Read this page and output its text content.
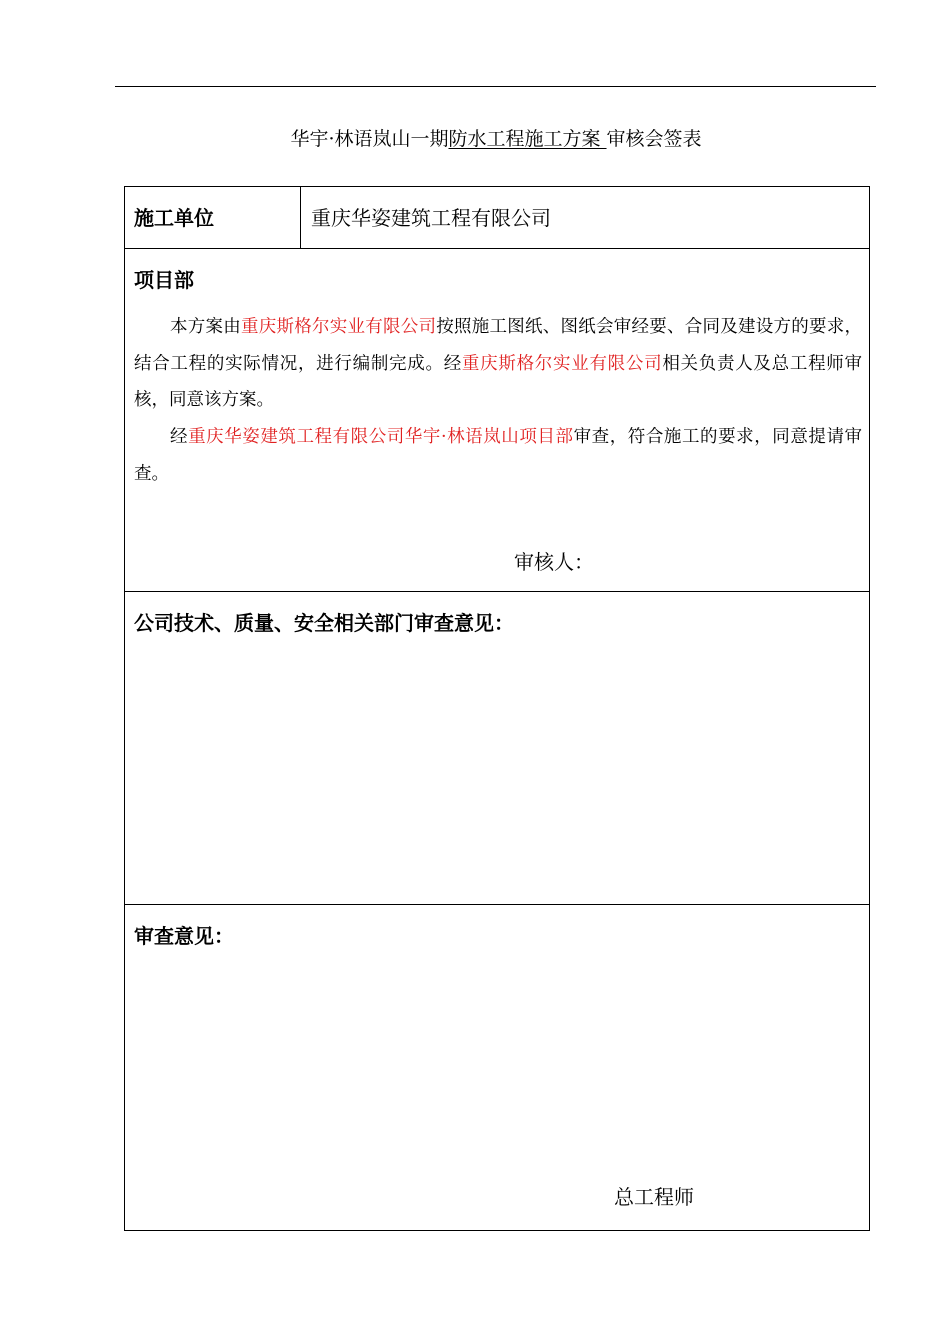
华宇·林语岚山一期防水工程施工方案 审核会签表
施工单位	重庆华姿建筑工程有限公司
项目部

本方案由重庆斯格尔实业有限公司按照施工图纸、图纸会审经要、合同及建设方的要求，结合工程的实际情况，进行编制完成。经重庆斯格尔实业有限公司相关负责人及总工程师审核，同意该方案。

经重庆华姿建筑工程有限公司华宇·林语岚山项目部审查，符合施工的要求，同意提请审查。

审核人：
公司技术、质量、安全相关部门审查意见：
审查意见：
总工程师
